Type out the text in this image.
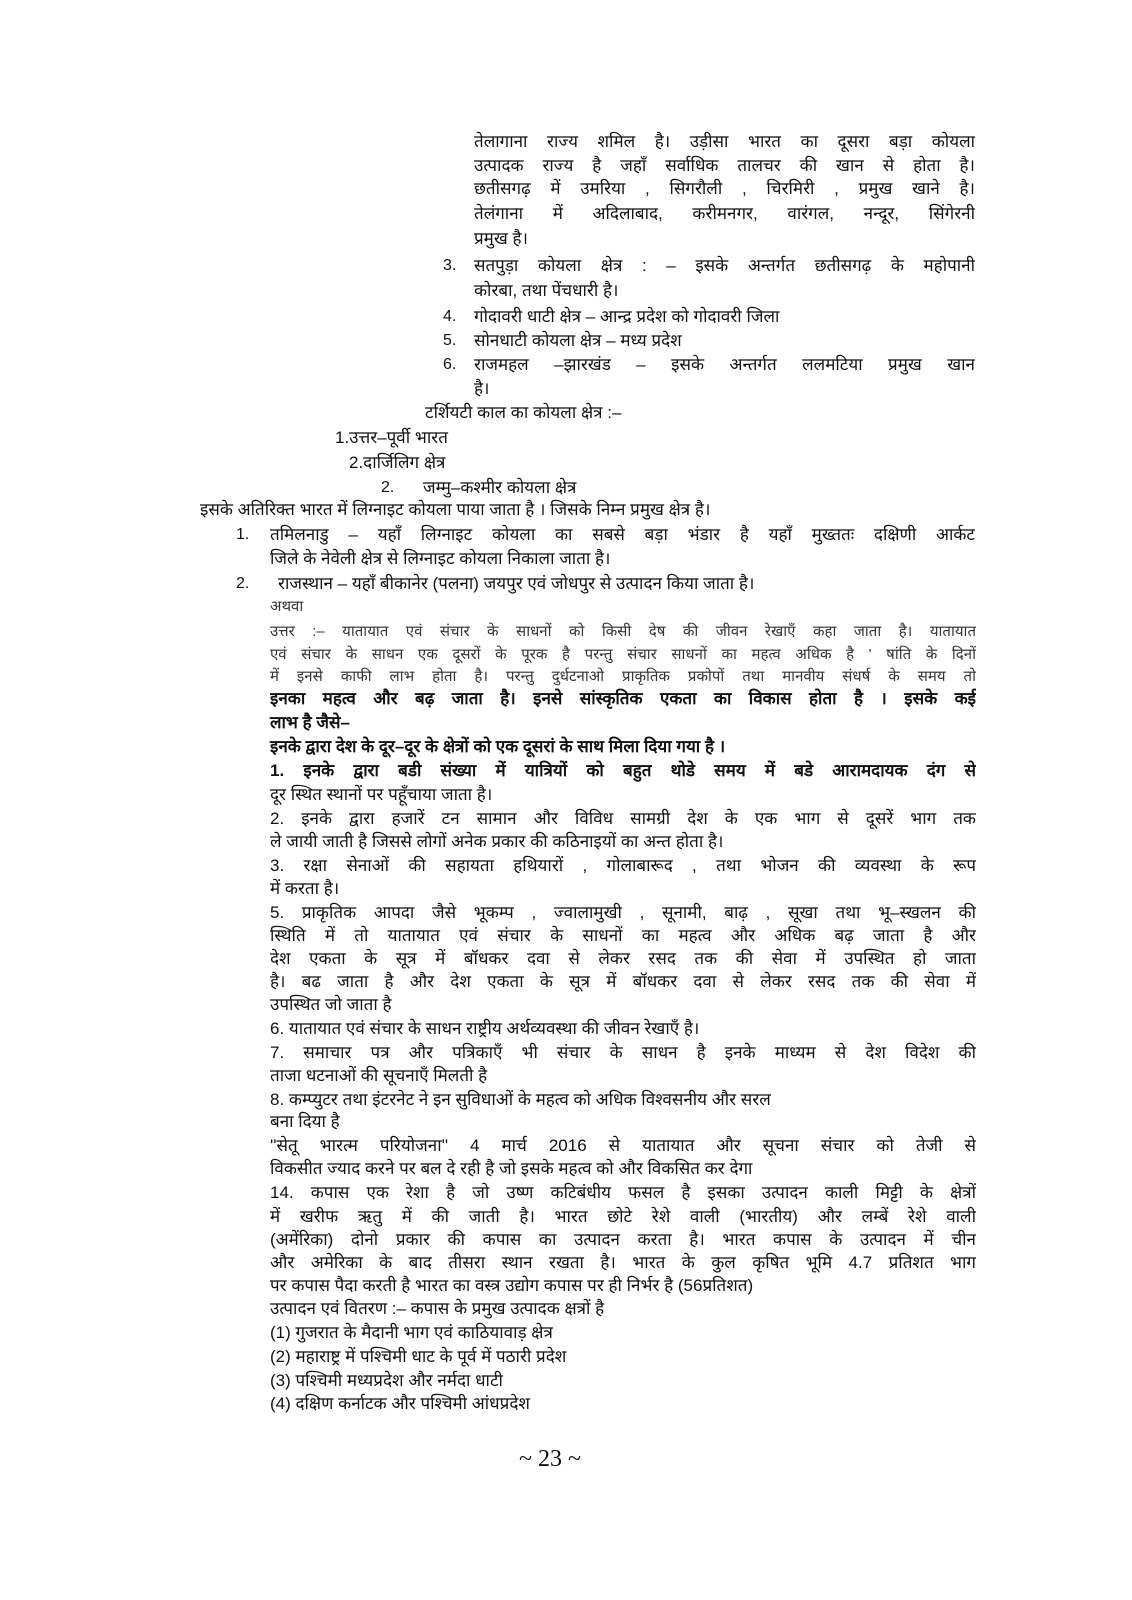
तेलागाना राज्य शमिल है। उड़ीसा भारत का दूसरा बड़ा कोयला
उत्पादक राज्य है जहाँ सर्वाधिक तालचर की खान से होता है।
छतीसगढ़ में उमरिया , सिगरौली , चिरमिरी , प्रमुख खाने है।
तेलंगाना में अदिलाबाद, करीमनगर, वारंगल, नन्दूर, सिंगेरनी
प्रमुख है।
3. सतपुड़ा कोयला क्षेत्र : – इसके अन्तर्गत छतीसगढ़ के महोपानी
कोरबा, तथा पेंचधारी है।
4. गोदावरी धाटी क्षेत्र – आन्द्र प्रदेश को गोदावरी जिला
5. सोनधाटी कोयला क्षेत्र – मध्य प्रदेश
6. राजमहल –झारखंड – इसके अन्तर्गत ललमटिया प्रमुख खान
है।
टर्शियटी काल का कोयला क्षेत्र :–
1.उत्तर–पूर्वी भारत
2.दार्जिलिग क्षेत्र
2. जम्मु–कश्मीर कोयला क्षेत्र
इसके अतिरिक्त भारत में लिग्नाइट कोयला पाया जाता है । जिसके निम्न प्रमुख क्षेत्र है।
1. तमिलनाडु – यहाँ लिग्नाइट कोयला का सबसे बड़ा भंडार है यहाँ मुख्ततः दक्षिणी आर्कट
जिले के नेवेली क्षेत्र से लिग्नाइट कोयला निकाला जाता है।
2. राजस्थान – यहाँ बीकानेर (पलना) जयपुर एवं जोधपुर से उत्पादन किया जाता है।
अथवा
उत्तर :– यातायात एवं संचार के साधनों को किसी देष की जीवन रेखाएँ कहा जाता है। यातायात
एवं संचार के साधन एक दूसरों के पूरक है परन्तु संचार साधनों का महत्व अधिक है ' षांति के दिनों
में इनसे काफी लाभ होता है। परन्तु दुर्धटनाओ प्राकृतिक प्रकोपों तथा मानवीय संधर्ष के समय तो
इनका महत्व और बढ़ जाता है। इनसे सांस्कृतिक एकता का विकास होता है । इसके कई
लाभ है जैसे–
इनके द्वारा देश के दूर–दूर के क्षेत्रों को एक दूसरां के साथ मिला दिया गया है ।
1. इनके द्वारा बडी संख्या में यात्रियों को बहुत थोडे समय में बडे आरामदायक दंग से
दूर स्थित स्थानों पर पहूँचाया जाता है।
2. इनके द्वारा हजारें टन सामान और विविध सामग्री देश के एक भाग से दूसरें भाग तक
ले जायी जाती है जिससे लोगों अनेक प्रकार की कठिनाइयों का अन्त होता है।
3. रक्षा सेनाओं की सहायता हथियारों , गोलाबारूद , तथा भोजन की व्यवस्था के रूप
में करता है।
5. प्राकृतिक आपदा जैसे भूकम्प , ज्वालामुखी , सूनामी, बाढ़ , सूखा तथा भू–स्खलन की
स्थिति में तो यातायात एवं संचार के साधनों का महत्व और अधिक बढ़ जाता है और
देश एकता के सूत्र में बॉधकर दवा से लेकर रसद तक की सेवा में उपस्थित हो जाता
है। बढ जाता है और देश एकता के सूत्र में बॉधकर दवा से लेकर रसद तक की सेवा में
उपस्थित जो जाता है
6. यातायात एवं संचार के साधन राष्ट्रीय अर्थव्यवस्था की जीवन रेखाएँ है।
7. समाचार पत्र और पत्रिकाएँ भी संचार के साधन है इनके माध्यम से देश विदेश की
ताजा धटनाओं की सूचनाएँ मिलती है
8. कम्प्युटर तथा इंटरनेट ने इन सुविधाओं के महत्व को अधिक विश्वसनीय और सरल
बना दिया है
''सेतू भारत्म परियोजना'' 4 मार्च 2016 से यातायात और सूचना संचार को तेजी से
विकसीत ज्याद करने पर बल दे रही है जो इसके महत्व को और विकसित कर देगा
14. कपास एक रेशा है जो उष्ण कटिबंधीय फसल है इसका उत्पादन काली मिट्टी के क्षेत्रों
में खरीफ ऋतु में की जाती है। भारत छोटे रेशे वाली (भारतीय) और लम्बें रेशे वाली
(अमेंरिका) दोनो प्रकार की कपास का उत्पादन करता है। भारत कपास के उत्पादन में चीन
और अमेरिका के बाद तीसरा स्थान रखता है। भारत के कुल कृषित भूमि 4.7 प्रतिशत भाग
पर कपास पैदा करती है भारत का वस्त्र उद्योग कपास पर ही निर्भर है (56प्रतिशत)
उत्पादन एवं वितरण :– कपास के प्रमुख उत्पादक क्षत्रों है
(1) गुजरात के मैदानी भाग एवं काठियावाड़ क्षेत्र
(2) महाराष्ट्र में पश्चिमी धाट के पूर्व में पठारी प्रदेश
(3) पश्चिमी मध्यप्रदेश और नर्मदा धाटी
(4) दक्षिण कर्नाटक और पश्चिमी आंधप्रदेश
~ 23 ~
